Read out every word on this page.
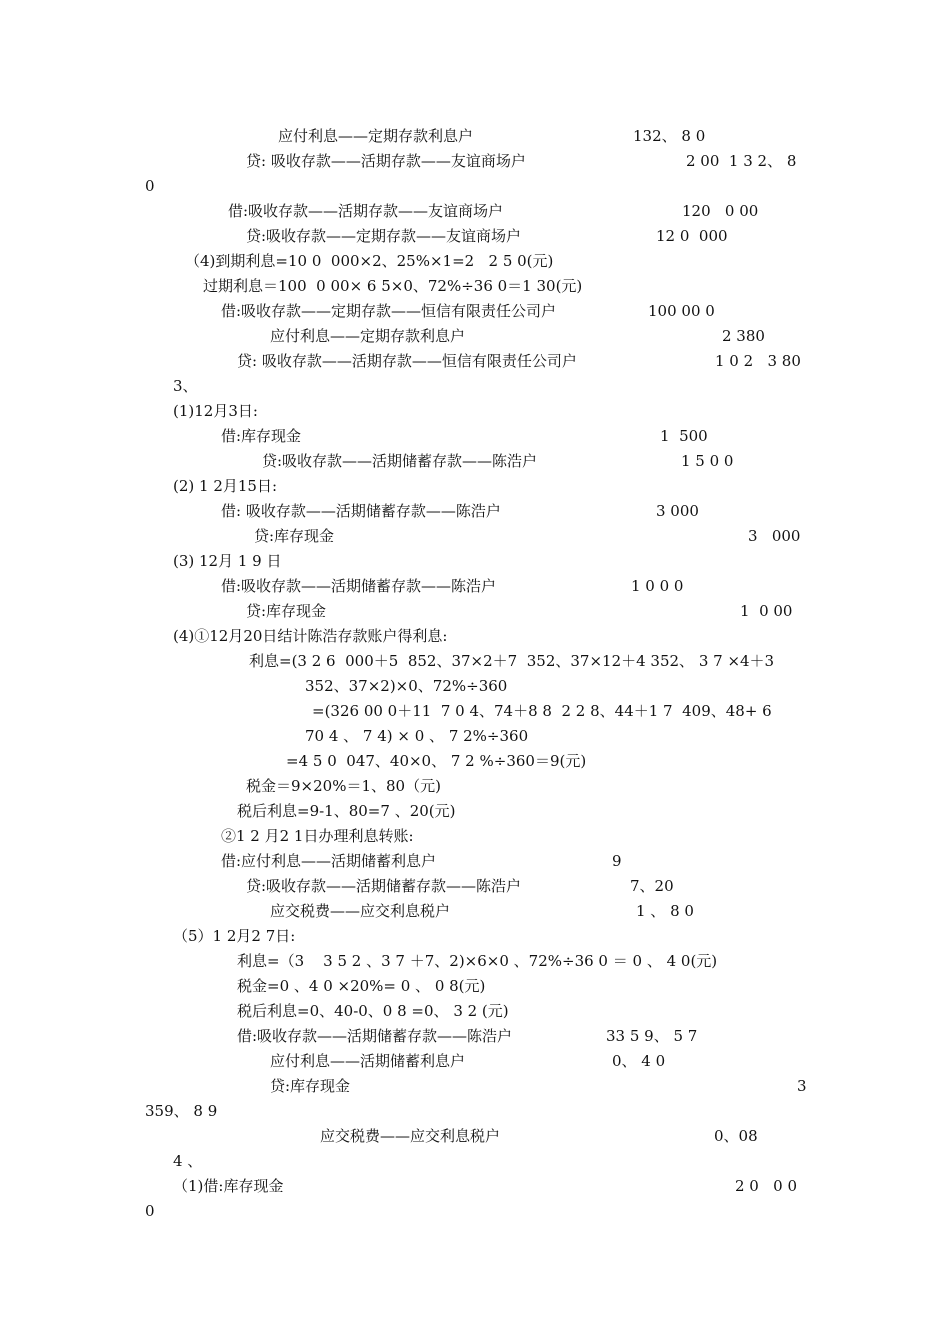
应付利息——定期存款利息户	132、 8 0
贷: 吸收存款——活期存款——友谊商场户	2 00  1 3 2、 8
0
借:吸收存款——活期存款——友谊商场户	120   0 00
贷:吸收存款——定期存款——友谊商场户	12 0  000
（4)到期利息=10 0  000×2、25%×1=2   2 5 0(元)
过期利息＝100  0 00× 6 5×0、72%÷36 0＝1 30(元)
借:吸收存款——定期存款——恒信有限责任公司户	100 00 0
应付利息——定期存款利息户	2 380
贷: 吸收存款——活期存款——恒信有限责任公司户	1 0 2   3 80
3、
(1)12月3日:
借:库存现金	1  500
贷:吸收存款——活期储蓄存款——陈浩户	1 5 0 0
(2) 1 2月15日:
借: 吸收存款——活期储蓄存款——陈浩户	3 000
贷:库存现金	3   000
(3) 12月 1 9 日
借:吸收存款——活期储蓄存款——陈浩户	1 0 0 0
贷:库存现金	1  0 00
(4)①12月20日结计陈浩存款账户得利息:
利息=(3 2 6  000＋5  852、37×2＋7  352、37×12＋4 352、 3 7 ×4＋3
352、37×2)×0、72%÷360
=(326 00 0＋11  7 0 4、74＋8 8  2 2 8、44＋1 7  409、48+ 6
70 4 、 7 4) × 0 、 7 2%÷360
=4 5 0  047、40×0、 7 2 %÷360＝9(元)
税金＝9×20%＝1、80（元)
税后利息=9-1、80=7 、20(元)
②1 2 月2 1日办理利息转账:
借:应付利息——活期储蓄利息户	9
贷:吸收存款——活期储蓄存款——陈浩户	7、20
应交税费——应交利息税户	1 、 8 0
（5）1 2月2 7日:
利息=（3    3 5 2 、3 7 ＋7、2)×6×0 、72%÷36 0 ＝ 0 、 4 0(元)
税金=0 、4 0 ×20%= 0 、 0 8(元)
税后利息=0、40-0、0 8 =0、 3 2 (元)
借:吸收存款——活期储蓄存款——陈浩户	33 5 9、 5 7
应付利息——活期储蓄利息户	0、 4 0
贷:库存现金	3
359、 8 9
应交税费——应交利息税户	0、08
4 、
（1)借:库存现金	2 0   0 0
0
